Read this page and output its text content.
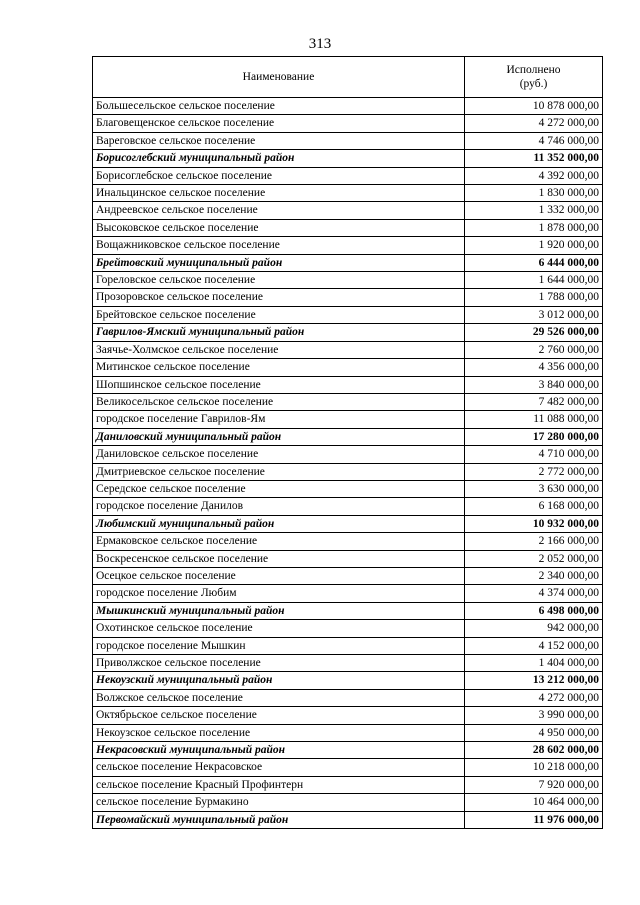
313
Наименование	Исполнено
(руб.)
Большесельское сельское поселение	10 878 000,00
Благовещенское сельское поселение	4 272 000,00
Вареговское сельское поселение	4 746 000,00
Борисоглебский муниципальный район	11 352 000,00
Борисоглебское сельское поселение	4 392 000,00
Инальцинское сельское поселение	1 830 000,00
Андреевское сельское поселение	1 332 000,00
Высоковское сельское поселение	1 878 000,00
Вощажниковское сельское поселение	1 920 000,00
Брейтовский муниципальный район	6 444 000,00
Гореловское сельское поселение	1 644 000,00
Прозоровское сельское поселение	1 788 000,00
Брейтовское сельское поселение	3 012 000,00
Гаврилов-Ямский муниципальный район	29 526 000,00
Заячье-Холмское сельское поселение	2 760 000,00
Митинское сельское поселение	4 356 000,00
Шопшинское сельское поселение	3 840 000,00
Великосельское сельское поселение	7 482 000,00
городское поселение Гаврилов-Ям	11 088 000,00
Даниловский муниципальный район	17 280 000,00
Даниловское сельское поселение	4 710 000,00
Дмитриевское сельское поселение	2 772 000,00
Середское сельское поселение	3 630 000,00
городское поселение Данилов	6 168 000,00
Любимский муниципальный район	10 932 000,00
Ермаковское сельское поселение	2 166 000,00
Воскресенское сельское поселение	2 052 000,00
Осецкое сельское поселение	2 340 000,00
городское поселение Любим	4 374 000,00
Мышкинский муниципальный район	6 498 000,00
Охотинское сельское поселение	942 000,00
городское поселение Мышкин	4 152 000,00
Приволжское сельское поселение	1 404 000,00
Некоузский муниципальный район	13 212 000,00
Волжское сельское поселение	4 272 000,00
Октябрьское сельское поселение	3 990 000,00
Некоузское сельское поселение	4 950 000,00
Некрасовский муниципальный район	28 602 000,00
сельское поселение Некрасовское	10 218 000,00
сельское поселение Красный Профинтерн	7 920 000,00
сельское поселение Бурмакино	10 464 000,00
Первомайский муниципальный район	11 976 000,00
